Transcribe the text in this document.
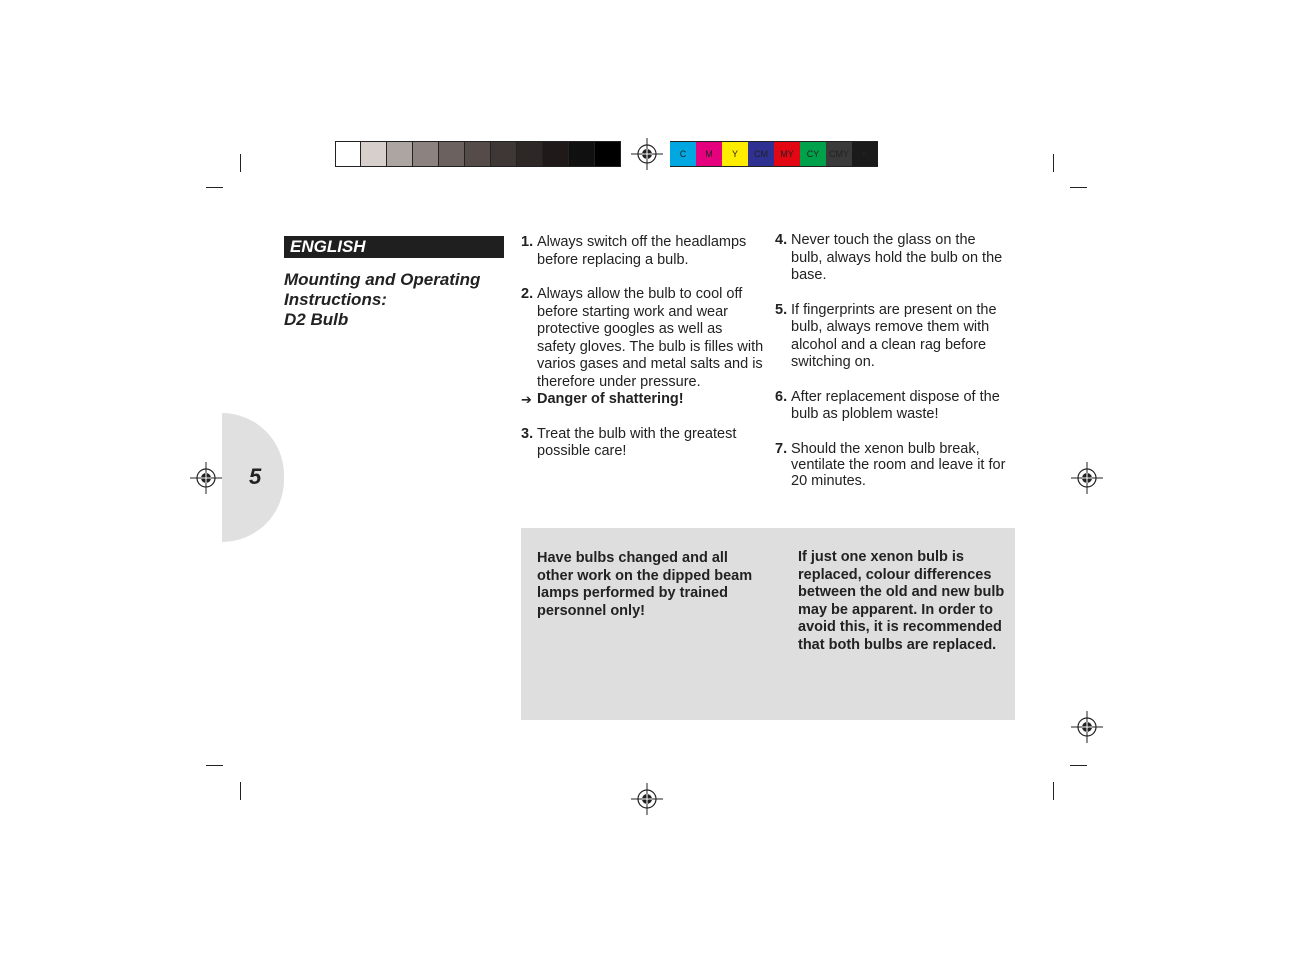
C	M	Y	CM	MY	CY	CMY	K
5
ENGLISH
Mounting and Operating
Instructions:
D2 Bulb
1. Always switch off the headlamps before replacing a bulb.
2. Always allow the bulb to cool off before starting work and wear protective googles as well as safety gloves. The bulb is filles with varios gases and metal salts and is therefore under pressure.
➔ Danger of shattering!
3. Treat the bulb with the greatest possible care!
4. Never touch the glass on the bulb, always hold the bulb on the base.
5. If fingerprints are present on the bulb, always remove them with alcohol and a clean rag before switching on.
6. After replacement dispose of the bulb as ploblem waste!
7. Should the xenon bulb break, ventilate the room and leave it for 20 minutes.
Have bulbs changed and all other work on the dipped beam lamps performed by trained personnel only!
If just one xenon bulb is replaced, colour differences between the old and new bulb may be apparent. In order to avoid this, it is recommended that both bulbs are replaced.
